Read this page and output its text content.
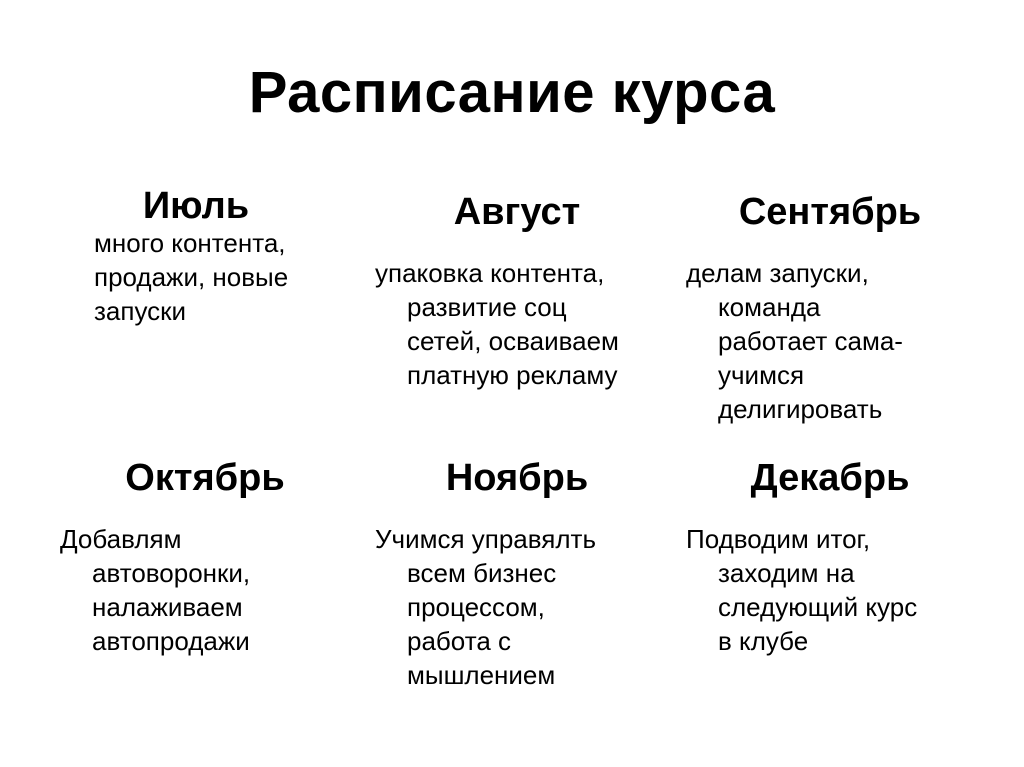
Расписание курса
Июль
много контента,
продажи, новые
запуски
Август
упаковка контента,
развитие соц
сетей, осваиваем
платную рекламу
Сентябрь
делам запуски,
команда
работает сама-
учимся
делигировать
Октябрь
Добавлям
автоворонки,
налаживаем
автопродажи
Ноябрь
Учимся управялть
всем бизнес
процессом,
работа с
мышлением
Декабрь
Подводим итог,
заходим на
следующий курс
в клубе
